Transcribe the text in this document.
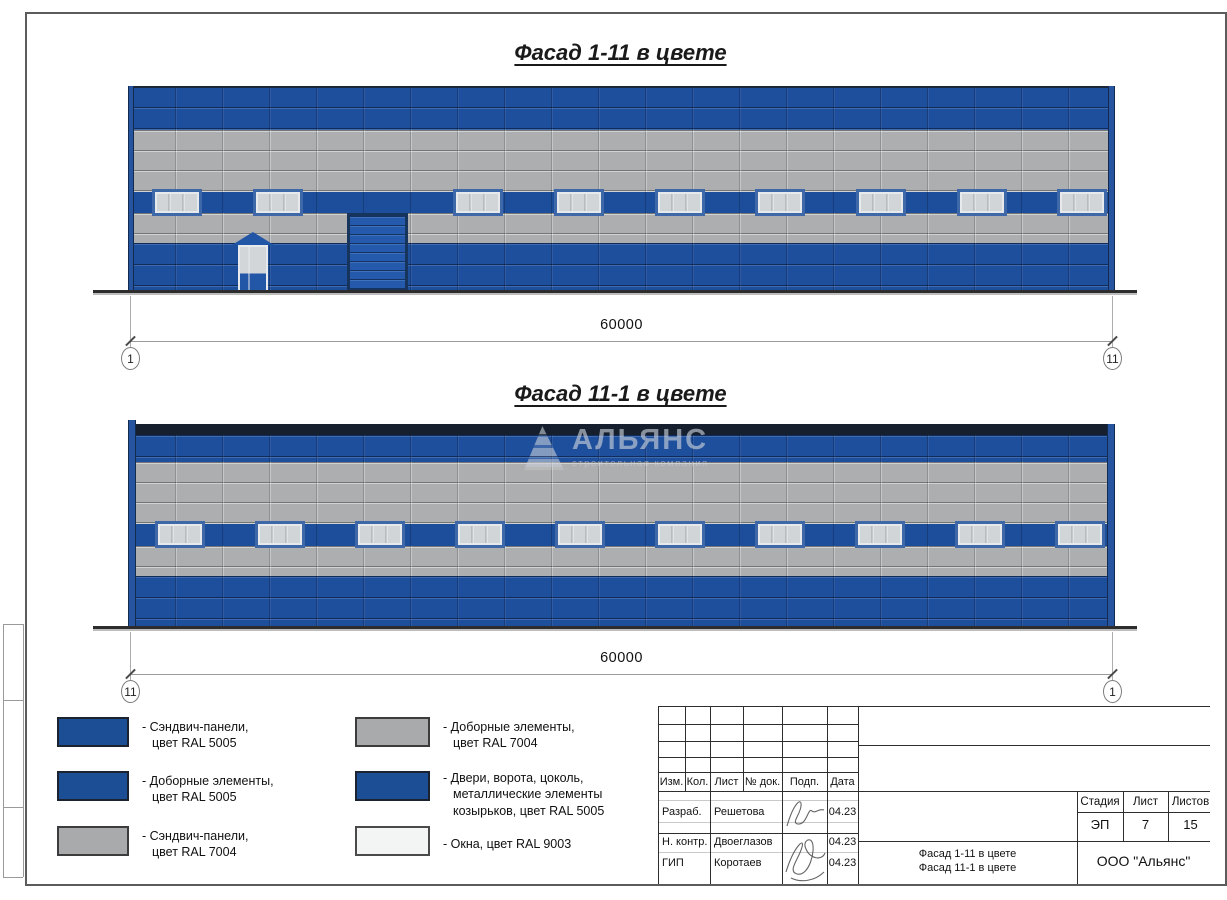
Фасад 1-11 в цвете
60000
1	11
Фасад 11-1 в цвете
АЛЬЯНС
строительная компания
60000
11	1
- Сэндвич-панели,
цвет RAL 5005
- Доборные элементы,
цвет RAL 5005
- Сэндвич-панели,
цвет RAL 7004
- Доборные элементы,
цвет RAL 7004
- Двери, ворота, цоколь,
металлические элементы
козырьков, цвет RAL 5005
- Окна, цвет RAL 9003
Изм. Кол. Лист № док. Подп.	Дата
Разраб. Решетова	04.23
Н. контр. Двоеглазов	04.23
ГИП	Коротаев	04.23
Стадия	Лист	Листов
ЭП	7	15
Фасад 1-11 в цвете
Фасад 11-1 в цвете	ООО "Альянс"
